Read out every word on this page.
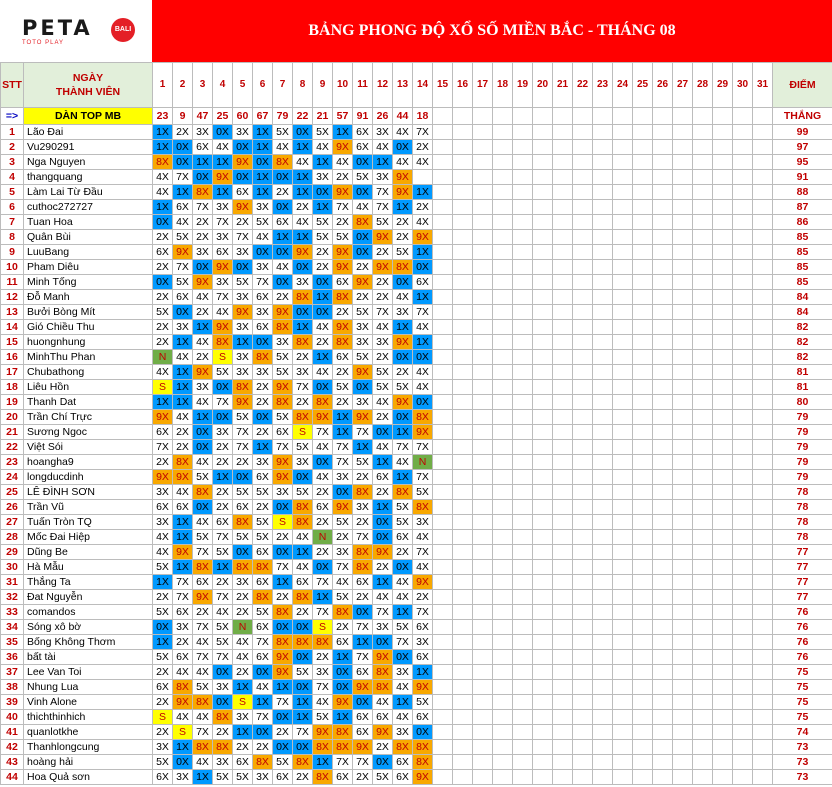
PETA	BALI
TOTO PLAY
BẢNG PHONG ĐỘ XỔ SỐ MIỀN BẮC - THÁNG 08
STT	NGÀY
THÀNH VIÊN	1	2	3	4	5	6	7	8	9	10	11	12	13	14	15	16	17	18	19	20	21	22	23	24	25	26	27	28	29	30	31	ĐIỂM
=>	DÀN TOP MB	23	9	47	25	60	67	79	22	21	57	91	26	44	18																		THẮNG
1	Lão Đai	1X	2X	3X	0X	3X	1X	5X	0X	5X	1X	6X	3X	4X	7X																		99
2	Vu290291	1X	0X	6X	4X	0X	1X	4X	1X	4X	9X	6X	4X	0X	2X																		97
3	Nga Nguyen	8X	0X	1X	1X	9X	0X	8X	4X	1X	4X	0X	1X	4X	4X																		95
4	thangquang	4X	7X	0X	9X	0X	1X	0X	1X	3X	2X	5X	3X	9X																			91
5	Làm Lai Từ Đầu	4X	1X	8X	1X	6X	1X	2X	1X	0X	9X	0X	7X	9X	1X																		88
6	cuthoc272727	1X	6X	7X	3X	9X	3X	0X	2X	1X	7X	4X	7X	1X	2X																		87
7	Tuan Hoa	0X	4X	2X	7X	2X	5X	6X	4X	5X	2X	8X	5X	2X	4X																		86
8	Quân Bùi	2X	5X	2X	3X	7X	4X	1X	1X	5X	5X	0X	9X	2X	9X																		85
9	LuuBang	6X	9X	3X	6X	3X	0X	0X	9X	2X	9X	0X	2X	5X	1X																		85
10	Pham Diêu	2X	7X	0X	9X	0X	3X	4X	0X	2X	9X	2X	9X	8X	0X																		85
11	Minh Tống	0X	5X	9X	3X	5X	7X	0X	3X	0X	6X	9X	2X	0X	6X																		85
12	Đỗ Manh	2X	6X	4X	7X	3X	6X	2X	8X	1X	8X	2X	2X	4X	1X																		84
13	Bưởi Bòng Mít	5X	0X	2X	4X	9X	3X	9X	0X	0X	2X	5X	7X	3X	7X																		84
14	Gió Chiều Thu	2X	3X	1X	9X	3X	6X	8X	1X	4X	9X	3X	4X	1X	4X																		82
15	huongnhung	2X	1X	4X	8X	1X	0X	3X	8X	2X	8X	3X	3X	9X	1X																		82
16	MinhThu Phan	N	4X	2X	S	3X	8X	5X	2X	1X	6X	5X	2X	0X	0X																		82
17	Chubathong	4X	1X	9X	5X	3X	3X	5X	3X	4X	2X	9X	5X	2X	4X																		81
18	Liêu Hồn	S	1X	3X	0X	8X	2X	9X	7X	0X	5X	0X	5X	5X	4X																		81
19	Thanh Dat	1X	1X	4X	7X	9X	2X	8X	2X	8X	2X	3X	4X	9X	0X																		80
20	Trần Chí Trực	9X	4X	1X	0X	5X	0X	5X	8X	9X	1X	9X	2X	0X	8X																		79
21	Sương Ngoc	6X	2X	0X	3X	7X	2X	6X	S	7X	1X	7X	0X	1X	9X																		79
22	Việt Sói	7X	2X	0X	2X	7X	1X	7X	5X	4X	7X	1X	4X	7X	7X																		79
23	hoangha9	2X	8X	4X	2X	2X	3X	9X	3X	0X	7X	5X	1X	4X	N																		79
24	longducdinh	9X	9X	5X	1X	0X	6X	9X	0X	4X	3X	2X	6X	1X	7X																		79
25	LÊ ĐÌNH SƠN	3X	4X	8X	2X	5X	5X	3X	5X	2X	0X	8X	2X	8X	5X																		78
26	Trần Vũ	6X	6X	0X	2X	6X	2X	0X	8X	6X	9X	3X	1X	5X	8X																		78
27	Tuấn Tròn TQ	3X	1X	4X	6X	8X	5X	S	8X	2X	5X	2X	0X	5X	3X																		78
28	Mốc Đai Hiệp	4X	1X	5X	7X	5X	5X	2X	4X	N	2X	7X	0X	6X	4X																		78
29	Dũng Be	4X	9X	7X	5X	0X	6X	0X	1X	2X	3X	8X	9X	2X	7X																		77
30	Hà Mẫu	5X	1X	8X	1X	8X	8X	7X	4X	0X	7X	8X	2X	0X	4X																		77
31	Thắng Ta	1X	7X	6X	2X	3X	6X	1X	6X	7X	4X	6X	1X	4X	9X																		77
32	Đat Nguyễn	2X	7X	9X	7X	2X	8X	2X	8X	1X	5X	2X	4X	4X	2X																		77
33	comandos	5X	6X	2X	4X	2X	5X	8X	2X	7X	8X	0X	7X	1X	7X																		76
34	Sóng xô bờ	0X	3X	7X	5X	N	6X	0X	0X	S	2X	7X	3X	5X	6X																		76
35	Bống Không Thơm	1X	2X	4X	5X	4X	7X	8X	8X	8X	6X	1X	0X	7X	3X																		76
36	bất tài	5X	6X	7X	7X	4X	6X	9X	0X	2X	1X	7X	9X	0X	6X																		76
37	Lee Van Toi	2X	4X	4X	0X	2X	0X	9X	5X	3X	0X	6X	8X	3X	1X																		75
38	Nhung Lua	6X	8X	5X	3X	1X	4X	1X	0X	7X	0X	9X	8X	4X	9X																		75
39	Vinh Alone	2X	9X	8X	0X	S	1X	7X	1X	4X	9X	0X	4X	1X	5X																		75
40	thichthinhich	S	4X	4X	8X	3X	7X	0X	1X	5X	1X	6X	6X	4X	6X																		75
41	quanlotkhe	2X	S	7X	2X	1X	0X	2X	7X	9X	8X	6X	9X	3X	0X																		74
42	Thanhlongcung	3X	1X	8X	8X	2X	2X	0X	0X	8X	8X	9X	2X	8X	8X																		73
43	hoàng hải	5X	0X	4X	3X	6X	8X	5X	8X	1X	7X	7X	0X	6X	8X																		73
44	Hoa Quả sơn	6X	3X	1X	5X	5X	3X	6X	2X	8X	6X	2X	5X	6X	9X																		73
